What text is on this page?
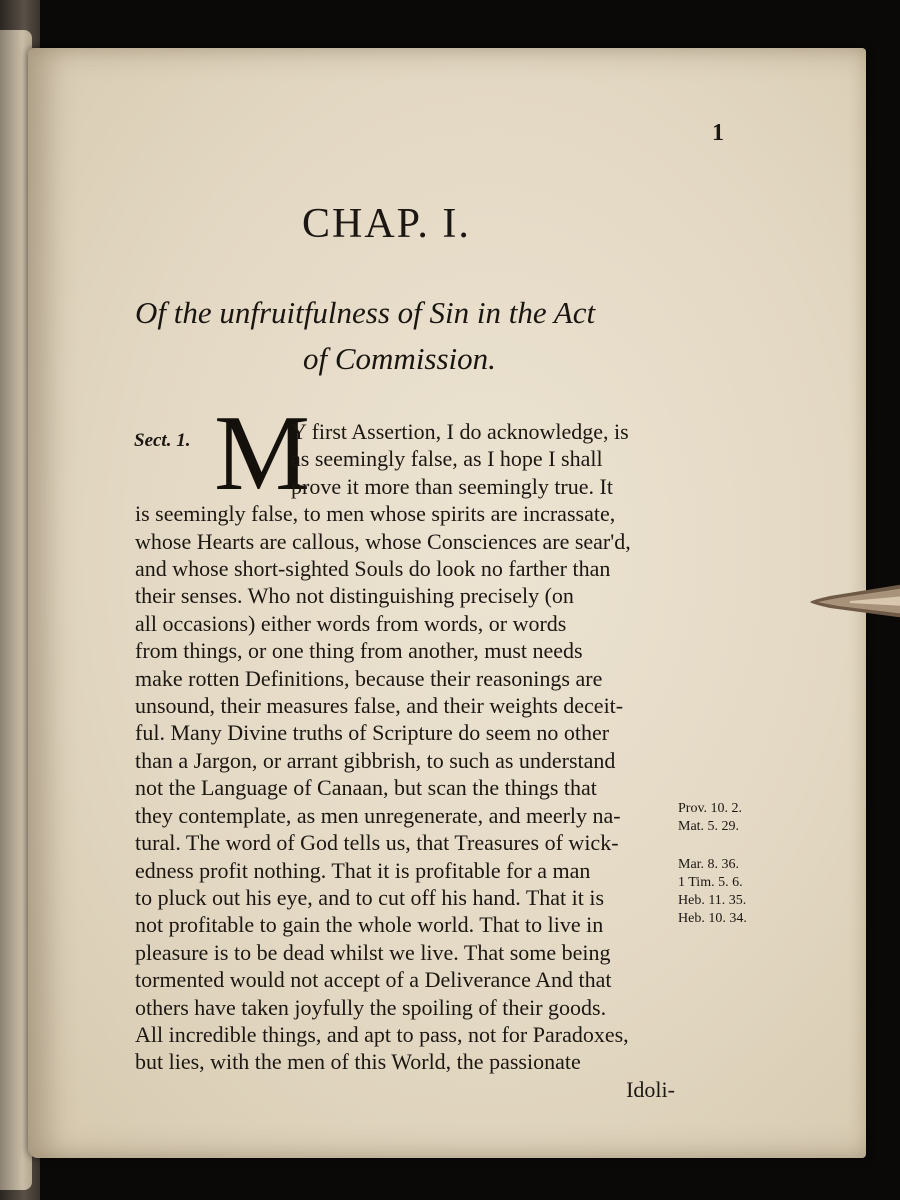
1
CHAP. I.
Of the unfruitfulness of Sin in the Act
of Commission.
Sect. 1. M
Y first Assertion, I do acknowledge, is
as seemingly false, as I hope I shall
prove it more than seemingly true. It
is seemingly false, to men whose spirits are incrassate,
whose Hearts are callous, whose Consciences are sear'd,
and whose short-sighted Souls do look no farther than
their senses. Who not distinguishing precisely (on
all occasions) either words from words, or words
from things, or one thing from another, must needs
make rotten Definitions, because their reasonings are
unsound, their measures false, and their weights deceit-
ful. Many Divine truths of Scripture do seem no other
than a Jargon, or arrant gibbrish, to such as understand
not the Language of Canaan, but scan the things that
they contemplate, as men unregenerate, and meerly na-
tural. The word of God tells us, that Treasures of wick-
edness profit nothing. That it is profitable for a man
to pluck out his eye, and to cut off his hand. That it is
not profitable to gain the whole world. That to live in
pleasure is to be dead whilst we live. That some being
tormented would not accept of a Deliverance And that
others have taken joyfully the spoiling of their goods.
All incredible things, and apt to pass, not for Paradoxes,
but lies, with the men of this World, the passionate
Idoli-
Prov. 10. 2.
Mat. 5. 29.
Mar. 8. 36.
1 Tim. 5. 6.
Heb. 11. 35.
Heb. 10. 34.
